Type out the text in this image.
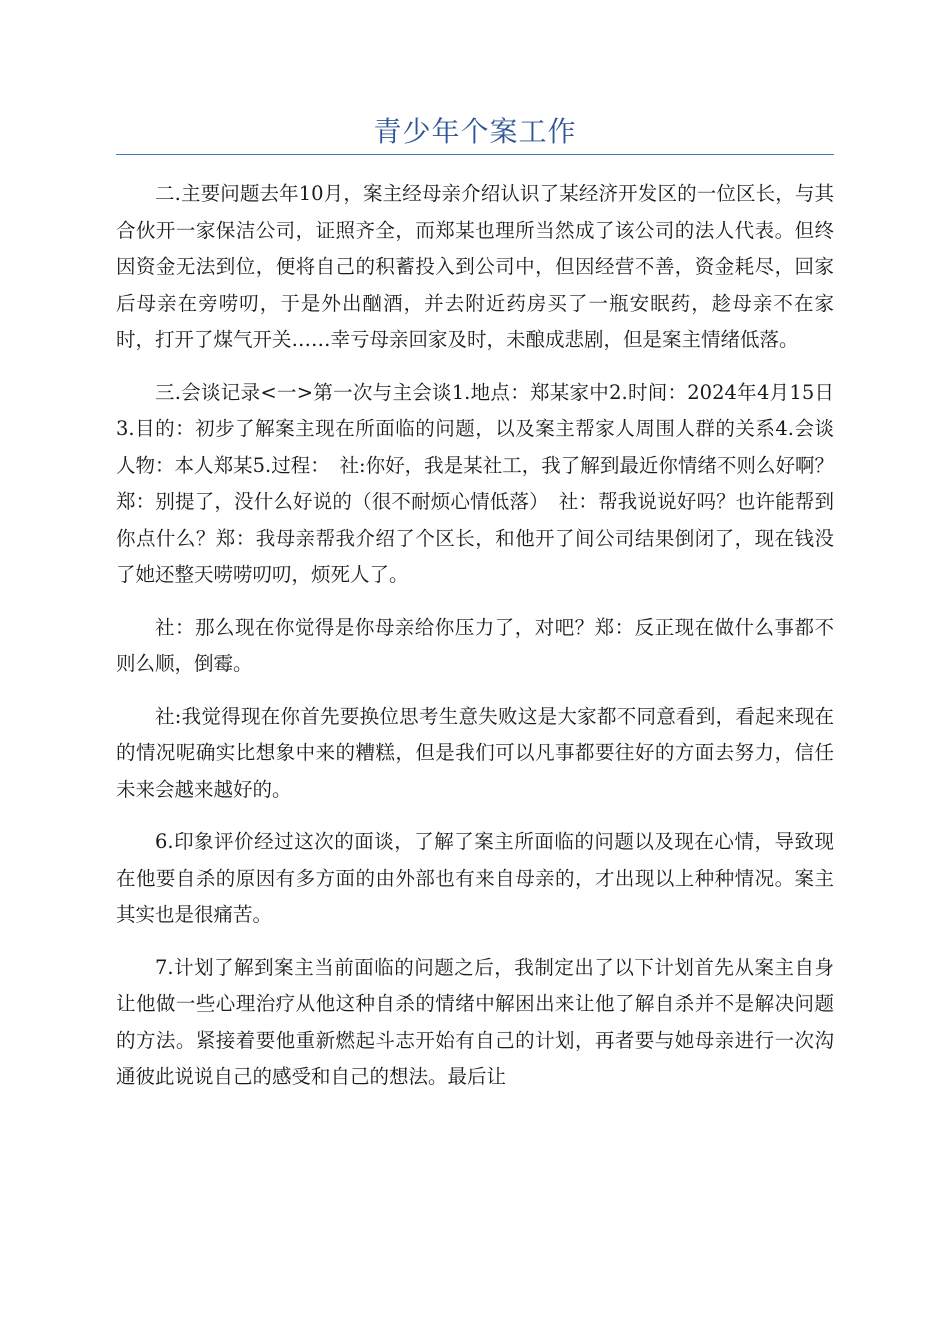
青少年个案工作

二.主要问题去年10月，案主经母亲介绍认识了某经济开发区的一位区长，与其合伙开一家保洁公司，证照齐全，而郑某也理所当然成了该公司的法人代表。但终因资金无法到位，便将自己的积蓄投入到公司中，但因经营不善，资金耗尽，回家后母亲在旁唠叨，于是外出酗酒，并去附近药房买了一瓶安眠药，趁母亲不在家时，打开了煤气开关……幸亏母亲回家及时，未酿成悲剧，但是案主情绪低落。

三.会谈记录<一>第一次与主会谈1.地点：郑某家中2.时间：2024年4月15日3.目的：初步了解案主现在所面临的问题，以及案主帮家人周围人群的关系4.会谈人物：本人郑某5.过程：　社:你好，我是某社工，我了解到最近你情绪不则么好啊？郑：别提了，没什么好说的（很不耐烦心情低落）　社：帮我说说好吗？也许能帮到你点什么？郑：我母亲帮我介绍了个区长，和他开了间公司结果倒闭了，现在钱没了她还整天唠唠叨叨，烦死人了。

社：那么现在你觉得是你母亲给你压力了，对吧？郑：反正现在做什么事都不则么顺，倒霉。

社:我觉得现在你首先要换位思考生意失败这是大家都不同意看到，看起来现在的情况呢确实比想象中来的糟糕，但是我们可以凡事都要往好的方面去努力，信任未来会越来越好的。

6.印象评价经过这次的面谈，了解了案主所面临的问题以及现在心情，导致现在他要自杀的原因有多方面的由外部也有来自母亲的，才出现以上种种情况。案主其实也是很痛苦。

7.计划了解到案主当前面临的问题之后，我制定出了以下计划首先从案主自身让他做一些心理治疗从他这种自杀的情绪中解困出来让他了解自杀并不是解决问题的方法。紧接着要他重新燃起斗志开始有自己的计划，再者要与她母亲进行一次沟通彼此说说自己的感受和自己的想法。最后让
